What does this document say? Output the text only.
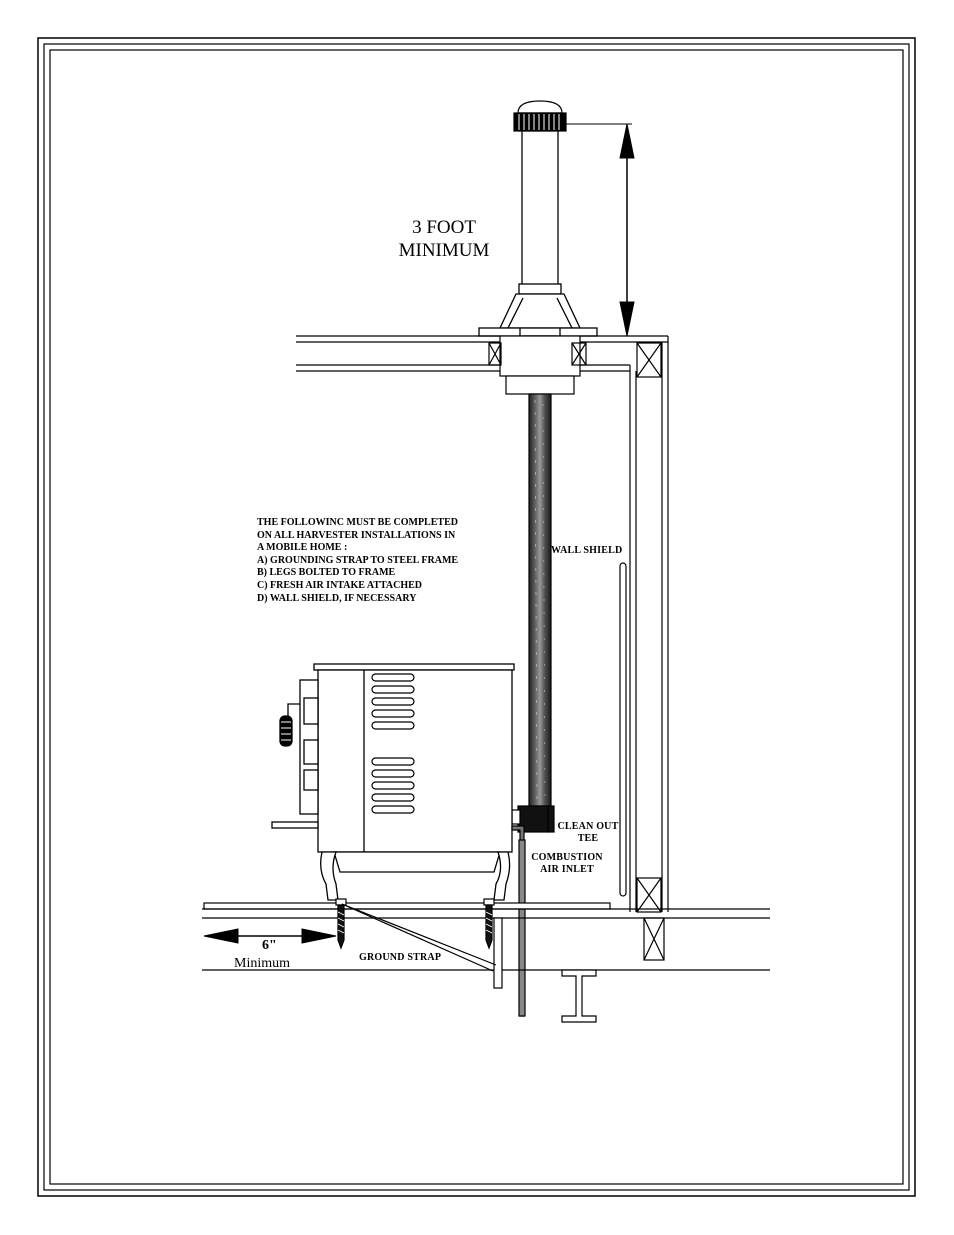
3 FOOT
MINIMUM
THE FOLLOWINC MUST BE COMPLETED
ON ALL HARVESTER INSTALLATIONS IN
A MOBILE HOME :
A) GROUNDING STRAP TO STEEL FRAME
B) LEGS BOLTED TO FRAME
C) FRESH AIR INTAKE ATTACHED
D) WALL SHIELD, IF NECESSARY
WALL SHIELD
CLEAN OUT
TEE
COMBUSTION
AIR INLET
GROUND STRAP
6"
Minimum
